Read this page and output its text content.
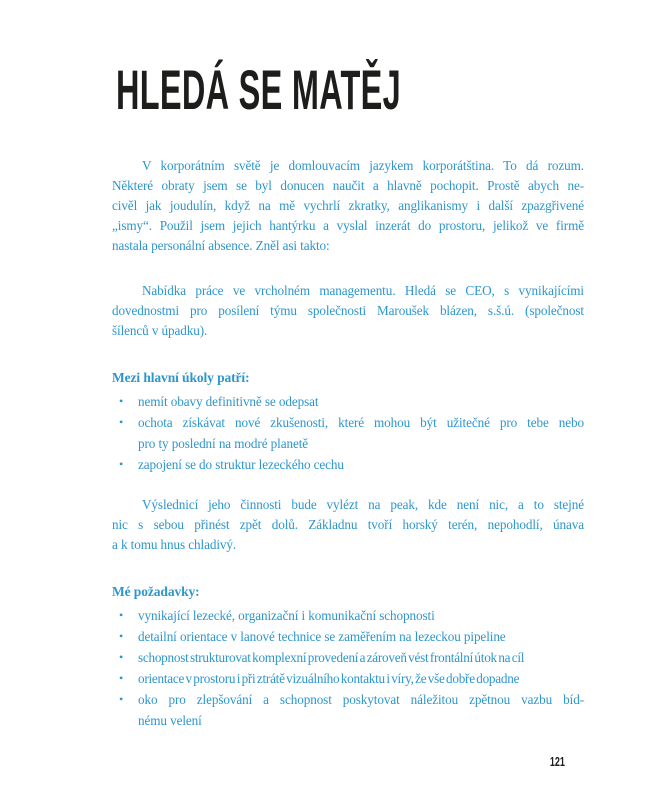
HLEDÁ SE MATĚJ
V korporátním světě je domlouvacím jazykem korporátština. To dá rozum.
Některé obraty jsem se byl donucen naučit a hlavně pochopit. Prostě abych ne-
civěl jak joudulín, když na mě vychrlí zkratky, anglikanismy i další zpazgřivené
„ismy“. Použil jsem jejich hantýrku a vyslal inzerát do prostoru, jelikož ve firmě
nastala personální absence. Zněl asi takto:
Nabídka práce ve vrcholném managementu. Hledá se CEO, s vynikajícími
dovednostmi pro posílení týmu společnosti Maroušek blázen, s.š.ú. (společnost
šílenců v úpadku).
Mezi hlavní úkoly patří:
•	nemít obavy definitivně se odepsat
•	ochota získávat nové zkušenosti, které mohou být užitečné pro tebe nebo
pro ty poslední na modré planetě
•	zapojení se do struktur lezeckého cechu
Výslednicí jeho činnosti bude vylézt na peak, kde není nic, a to stejné
nic s sebou přinést zpět dolů. Základnu tvoří horský terén, nepohodlí, únava
a k tomu hnus chladivý.
Mé požadavky:
•	vynikající lezecké, organizační i komunikační schopnosti
•	detailní orientace v lanové technice se zaměřením na lezeckou pipeline
•	schopnost strukturovat komplexní provedení a zároveň vést frontální útok na cíl
•	orientace v prostoru i při ztrátě vizuálního kontaktu i víry, že vše dobře dopadne
•	oko pro zlepšování a schopnost poskytovat náležitou zpětnou vazbu bíd-
nému velení
121
